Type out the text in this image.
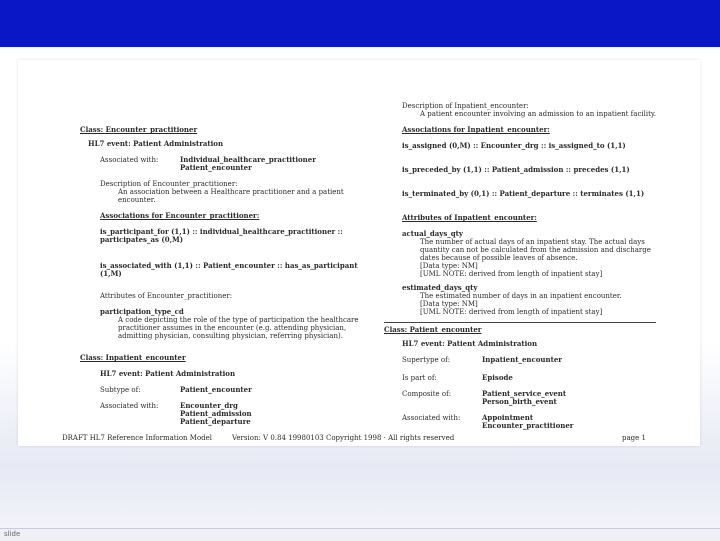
Class: Encounter_practitioner
HL7 event: Patient Administration
Associated with:	Individual_healthcare_practitioner
Patient_encounter
Description of Encounter_practitioner:
An association between a Healthcare practitioner and a patient
encounter.
Associations for Encounter_practitioner:
is_participant_for (1,1) :: individual_healthcare_practitioner ::
participates_as (0,M)
is_associated_with (1,1) :: Patient_encounter :: has_as_participant
(1,M)
Attributes of Encounter_practitioner:
participation_type_cd
A code depicting the role of the type of participation the healthcare
practitioner assumes in the encounter (e.g. attending physician,
admitting physician, consulting physician, referring physician).
Class: Inpatient_encounter
HL7 event: Patient Administration
Subtype of:	Patient_encounter
Associated with:	Encounter_drg
Patient_admission
Patient_departure
Description of Inpatient_encounter:
A patient encounter involving an admission to an inpatient facility.
Associations for Inpatient_encounter:
is_assigned (0,M) :: Encounter_drg :: is_assigned_to (1,1)
is_preceded_by (1,1) :: Patient_admission :: precedes (1,1)
is_terminated_by (0,1) :: Patient_departure :: terminates (1,1)
Attributes of Inpatient_encounter:
actual_days_qty
The number of actual days of an inpatient stay. The actual days
quantity can not be calculated from the admission and discharge
dates because of possible leaves of absence.
[Data type: NM]
[UML NOTE: derived from length of inpatient stay]
estimated_days_qty
The estimated number of days in an inpatient encounter.
[Data type: NM]
[UML NOTE: derived from length of inpatient stay]
Class: Patient_encounter
HL7 event: Patient Administration
Supertype of:	Inpatient_encounter
Is part of:	Episode
Composite of:	Patient_service_event
Person_birth_event
Associated with:	Appointment
Encounter_practitioner
DRAFT HL7 Reference Information Model	Version: V 0.84 19980103 Copyright 1998 · All rights reserved	page 1
slide
